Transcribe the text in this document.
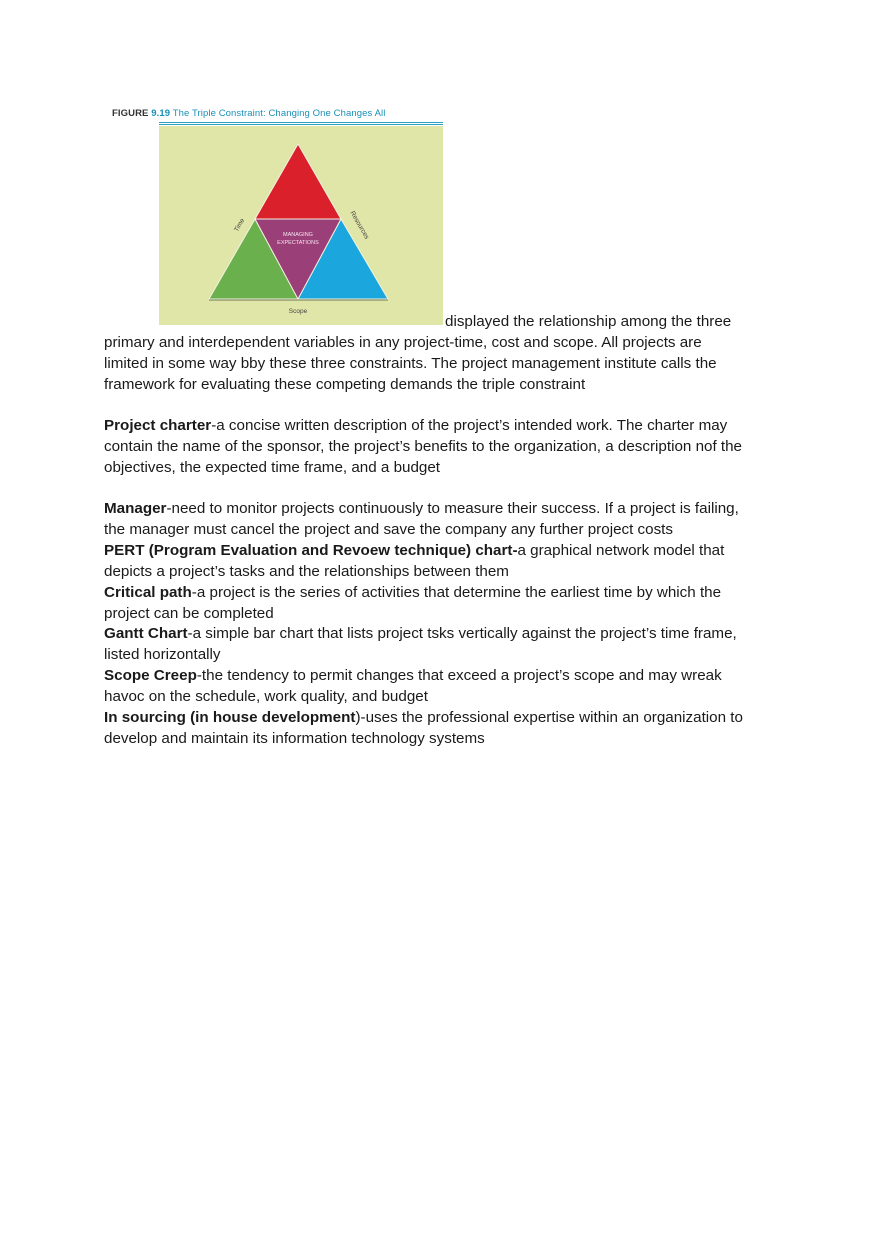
FIGURE 9.19 The Triple Constraint: Changing One Changes All
MANAGING
EXPECTATIONS
Time	Resources
Scope
displayed the relationship among the three
primary and interdependent variables in any project-time, cost and scope. All projects are
limited in some way bby these three constraints. The project management institute calls the
framework for evaluating these competing demands the triple constraint
Project charter-a concise written description of the project’s intended work. The charter may
contain the name of the sponsor, the project’s benefits to the organization, a description nof the
objectives, the expected time frame, and a budget
Manager-need to monitor projects continuously to measure their success. If a project is failing,
the manager must cancel the project and save the company any further project costs
PERT (Program Evaluation and Revoew technique) chart-a graphical network model that
depicts a project’s tasks and the relationships between them
Critical path-a project is the series of activities that determine the earliest time by which the
project can be completed
Gantt Chart-a simple bar chart that lists project tsks vertically against the project’s time frame,
listed horizontally
Scope Creep-the tendency to permit changes that exceed a project’s scope and may wreak
havoc on the schedule, work quality, and budget
In sourcing (in house development)-uses the professional expertise within an organization to
develop and maintain its information technology systems
